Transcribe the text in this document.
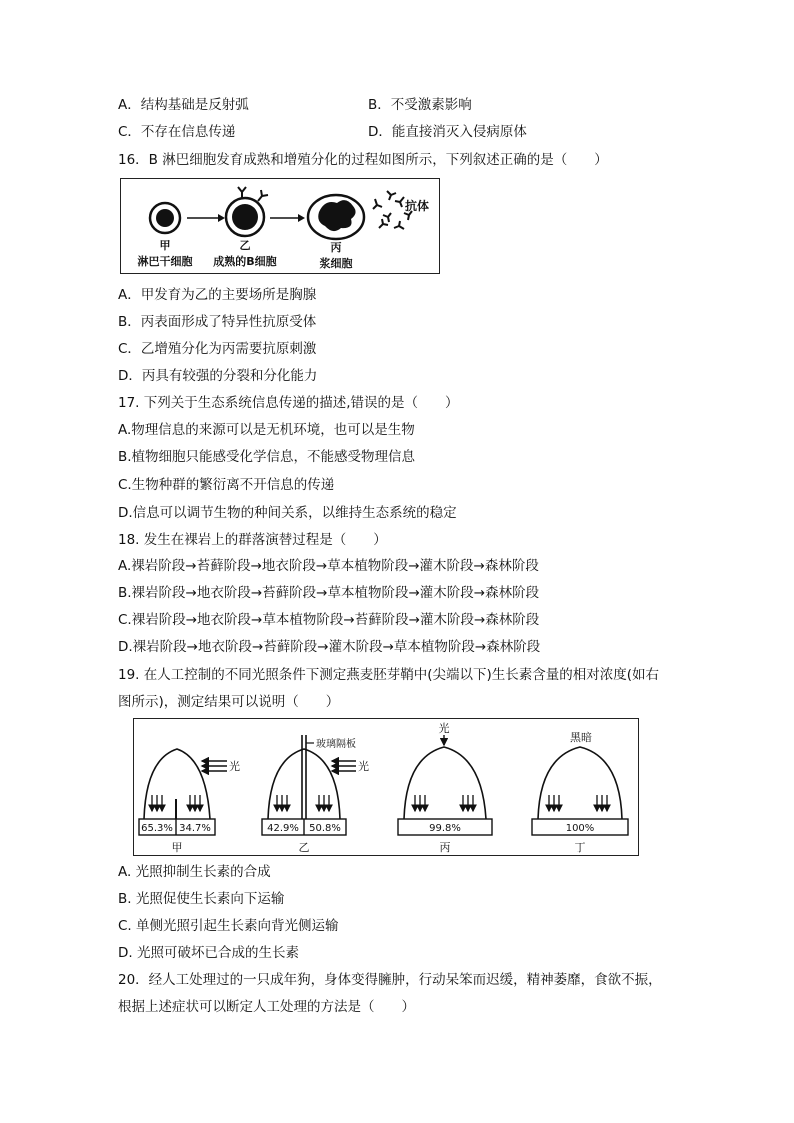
A．结构基础是反射弧	B．不受激素影响
C．不存在信息传递	D．能直接消灭入侵病原体
16．B 淋巴细胞发育成熟和增殖分化的过程如图所示，下列叙述正确的是（　　）
抗体
甲
淋巴干细胞
乙
成熟的B细胞
丙
浆细胞
A．甲发育为乙的主要场所是胸腺
B．丙表面形成了特异性抗原受体
C．乙增殖分化为丙需要抗原刺激
D．丙具有较强的分裂和分化能力
17. 下列关于生态系统信息传递的描述,错误的是（　　）
A.物理信息的来源可以是无机环境，也可以是生物
B.植物细胞只能感受化学信息，不能感受物理信息
C.生物种群的繁衍离不开信息的传递
D.信息可以调节生物的种间关系，以维持生态系统的稳定
18. 发生在裸岩上的群落演替过程是（　　）
A.裸岩阶段→苔藓阶段→地衣阶段→草本植物阶段→灌木阶段→森林阶段
B.裸岩阶段→地衣阶段→苔藓阶段→草本植物阶段→灌木阶段→森林阶段
C.裸岩阶段→地衣阶段→草本植物阶段→苔藓阶段→灌木阶段→森林阶段
D.裸岩阶段→地衣阶段→苔藓阶段→灌木阶段→草本植物阶段→森林阶段
19. 在人工控制的不同光照条件下测定燕麦胚芽鞘中(尖端以下)生长素含量的相对浓度(如右
图所示)，测定结果可以说明（　　）
光
65.3% 34.7%
甲
玻璃隔板
光
42.9% 50.8%
乙
光
99.8%
丙
黑暗
100%
丁
A. 光照抑制生长素的合成
B. 光照促使生长素向下运输
C. 单侧光照引起生长素向背光侧运输
D. 光照可破坏已合成的生长素
20．经人工处理过的一只成年狗，身体变得臃肿，行动呆笨而迟缓，精神萎靡，食欲不振，
根据上述症状可以断定人工处理的方法是（　　）
